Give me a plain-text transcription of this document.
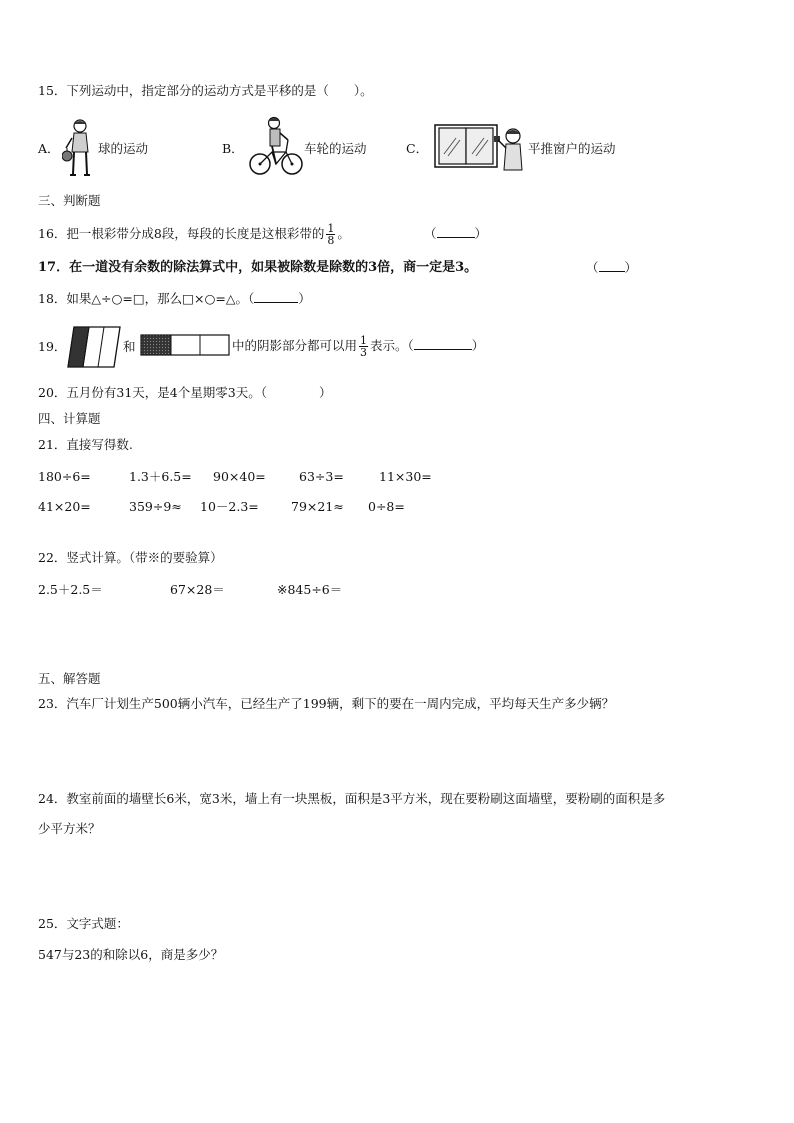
15．下列运动中，指定部分的运动方式是平移的是（　　）。
A．	球的运动	B．	车轮的运动	C．	平推窗户的运动
三、判断题
16．把一根彩带分成8段，每段的长度是这根彩带的 $\frac{1}{8}$ 。	（	）
17．在一道没有余数的除法算式中，如果被除数是除数的3倍，商一定是3。	（ ）
18．如果△÷○=□，那么□×○=△。（	）
19．	和	中的阴影部分都可以用 $\frac{1}{3}$ 表示。（	）
20．五月份有31天，是4个星期零3天。（	）
四、计算题
21．直接写得数.
180÷6=	1.3＋6.5= 90×40=	63÷3=	11×30=
41×20=	359÷9≈ 10－2.3=	79×21≈ 0÷8=
22．竖式计算。（带※的要验算）
2.5＋2.5＝	67×28＝	※845÷6＝
五、解答题
23．汽车厂计划生产500辆小汽车，已经生产了199辆，剩下的要在一周内完成，平均每天生产多少辆？
24．教室前面的墙壁长6米，宽3米，墙上有一块黑板，面积是3平方米，现在要粉刷这面墙壁，要粉刷的面积是多
少平方米？
25．文字式题：
547与23的和除以6，商是多少？
